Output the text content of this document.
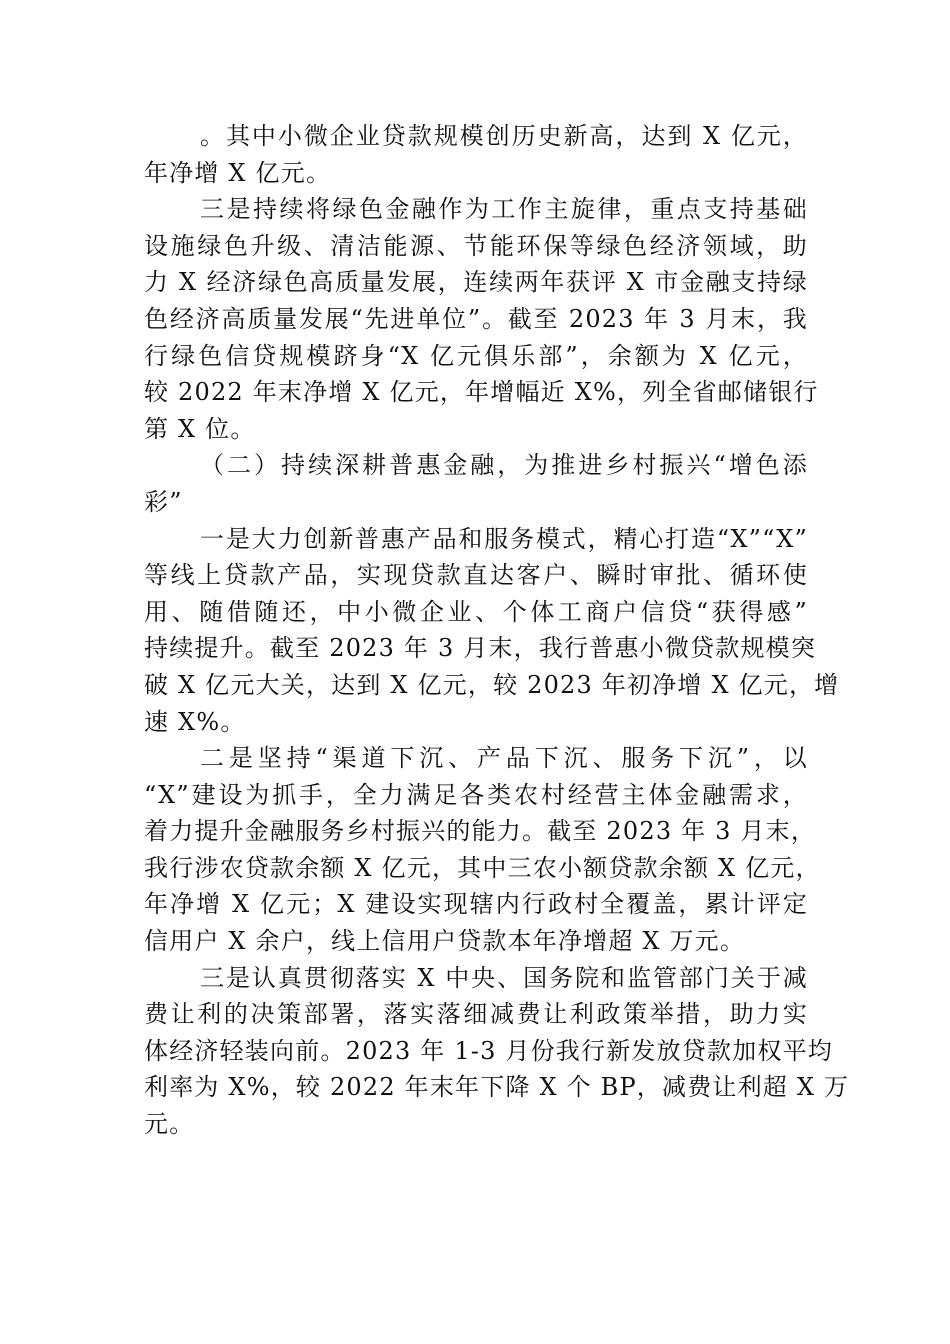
。其中小微企业贷款规模创历史新高，达到 X 亿元，
年净增 X 亿元。

三是持续将绿色金融作为工作主旋律，重点支持基础
设施绿色升级、清洁能源、节能环保等绿色经济领域，助
力 X 经济绿色高质量发展，连续两年获评 X 市金融支持绿
色经济高质量发展“先进单位”。截至 2023 年 3 月末，我
行绿色信贷规模跻身“X 亿元俱乐部”，余额为 X 亿元，
较 2022 年末净增 X 亿元，年增幅近 X%，列全省邮储银行
第 X 位。

（二）持续深耕普惠金融，为推进乡村振兴“增色添
彩”

一是大力创新普惠产品和服务模式，精心打造“X”“X”
等线上贷款产品，实现贷款直达客户、瞬时审批、循环使
用、随借随还，中小微企业、个体工商户信贷“获得感”
持续提升。截至 2023 年 3 月末，我行普惠小微贷款规模突
破 X 亿元大关，达到 X 亿元，较 2023 年初净增 X 亿元，增
速 X%。

二是坚持“渠道下沉、产品下沉、服务下沉”，以
“X”建设为抓手，全力满足各类农村经营主体金融需求，
着力提升金融服务乡村振兴的能力。截至 2023 年 3 月末，
我行涉农贷款余额 X 亿元，其中三农小额贷款余额 X 亿元，
年净增 X 亿元；X 建设实现辖内行政村全覆盖，累计评定
信用户 X 余户，线上信用户贷款本年净增超 X 万元。

三是认真贯彻落实 X 中央、国务院和监管部门关于减
费让利的决策部署，落实落细减费让利政策举措，助力实
体经济轻装向前。2023 年 1-3 月份我行新发放贷款加权平均
利率为 X%，较 2022 年末年下降 X 个 BP，减费让利超 X 万
元。
